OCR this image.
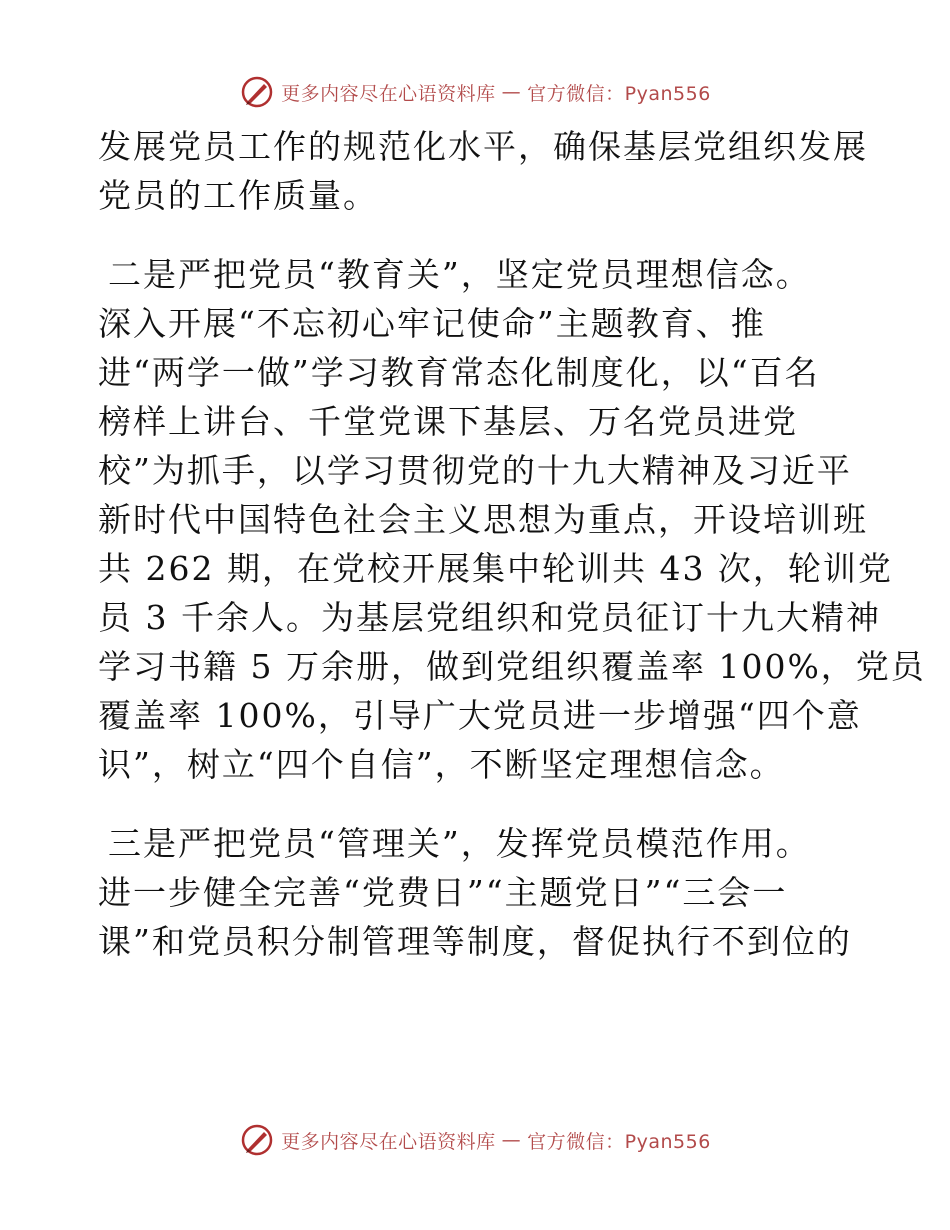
更多内容尽在心语资料库 — 官方微信：Pyan556
发展党员工作的规范化水平，确保基层党组织发展
党员的工作质量。
二是严把党员“教育关”，坚定党员理想信念。
深入开展“不忘初心牢记使命”主题教育、推
进“两学一做”学习教育常态化制度化，以“百名
榜样上讲台、千堂党课下基层、万名党员进党
校”为抓手，以学习贯彻党的十九大精神及习近平
新时代中国特色社会主义思想为重点，开设培训班
共 262 期，在党校开展集中轮训共 43 次，轮训党
员 3 千余人。为基层党组织和党员征订十九大精神
学习书籍 5 万余册，做到党组织覆盖率 100%，党员
覆盖率 100%，引导广大党员进一步增强“四个意
识”，树立“四个自信”，不断坚定理想信念。
三是严把党员“管理关”，发挥党员模范作用。
进一步健全完善“党费日”“主题党日”“三会一
课”和党员积分制管理等制度，督促执行不到位的
更多内容尽在心语资料库 — 官方微信：Pyan556
